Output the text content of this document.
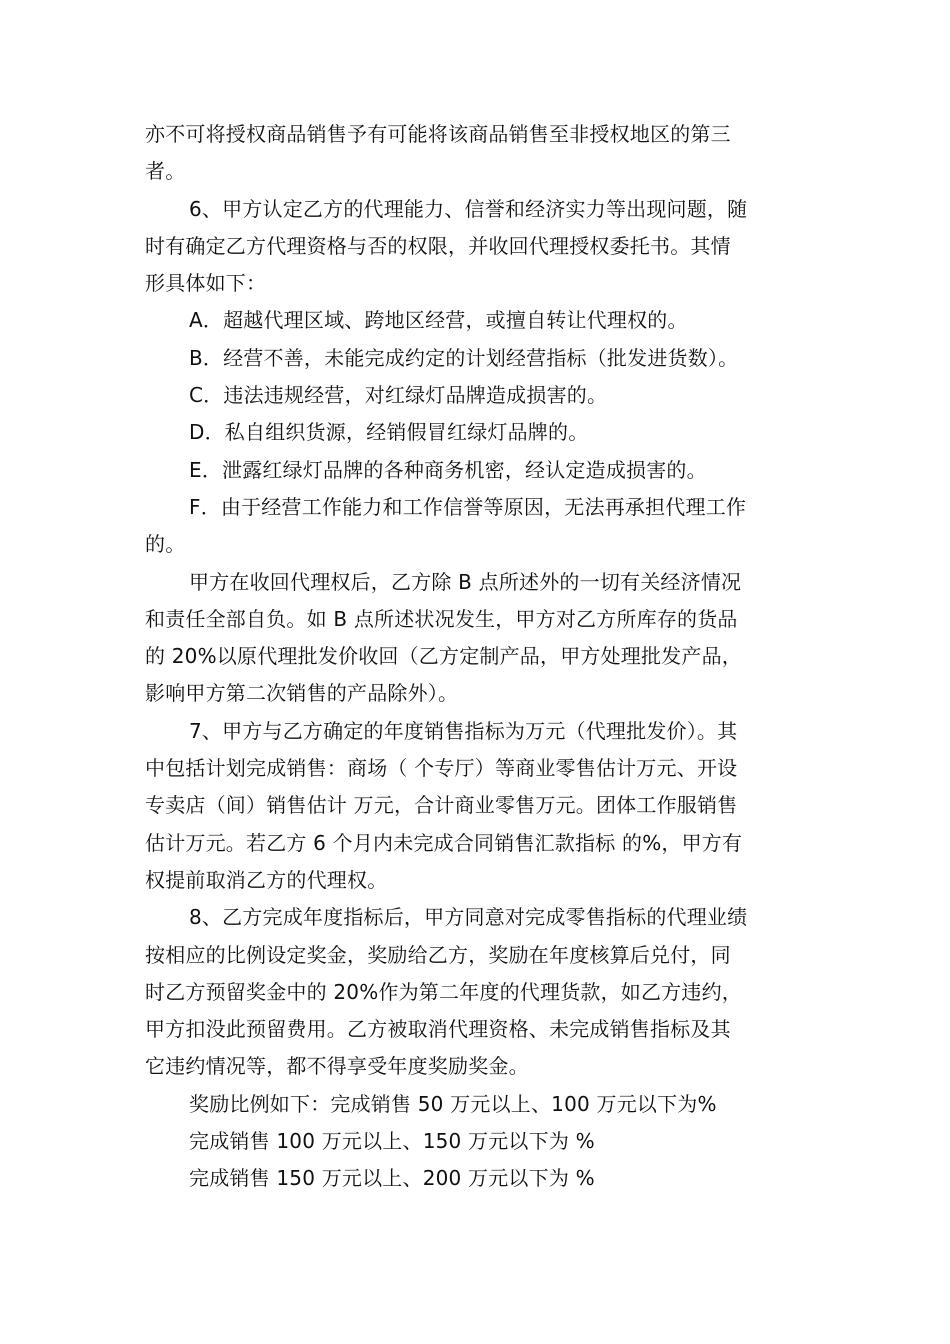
亦不可将授权商品销售予有可能将该商品销售至非授权地区的第三
者。
6、甲方认定乙方的代理能力、信誉和经济实力等出现问题，随
时有确定乙方代理资格与否的权限，并收回代理授权委托书。其情
形具体如下：
A．超越代理区域、跨地区经营，或擅自转让代理权的。
B．经营不善，未能完成约定的计划经营指标（批发进货数）。
C．违法违规经营，对红绿灯品牌造成损害的。
D．私自组织货源，经销假冒红绿灯品牌的。
E．泄露红绿灯品牌的各种商务机密，经认定造成损害的。
F．由于经营工作能力和工作信誉等原因，无法再承担代理工作
的。
甲方在收回代理权后，乙方除 B 点所述外的一切有关经济情况
和责任全部自负。如 B 点所述状况发生，甲方对乙方所库存的货品
的 20%以原代理批发价收回（乙方定制产品，甲方处理批发产品，
影响甲方第二次销售的产品除外）。
7、甲方与乙方确定的年度销售指标为万元（代理批发价）。其
中包括计划完成销售：商场（ 个专厅）等商业零售估计万元、开设
专卖店（间）销售估计 万元，合计商业零售万元。团体工作服销售
估计万元。若乙方 6 个月内未完成合同销售汇款指标 的%，甲方有
权提前取消乙方的代理权。
8、乙方完成年度指标后，甲方同意对完成零售指标的代理业绩
按相应的比例设定奖金，奖励给乙方，奖励在年度核算后兑付，同
时乙方预留奖金中的 20%作为第二年度的代理货款，如乙方违约，
甲方扣没此预留费用。乙方被取消代理资格、未完成销售指标及其
它违约情况等，都不得享受年度奖励奖金。
奖励比例如下：完成销售 50 万元以上、100 万元以下为%
完成销售 100 万元以上、150 万元以下为 %
完成销售 150 万元以上、200 万元以下为 %
